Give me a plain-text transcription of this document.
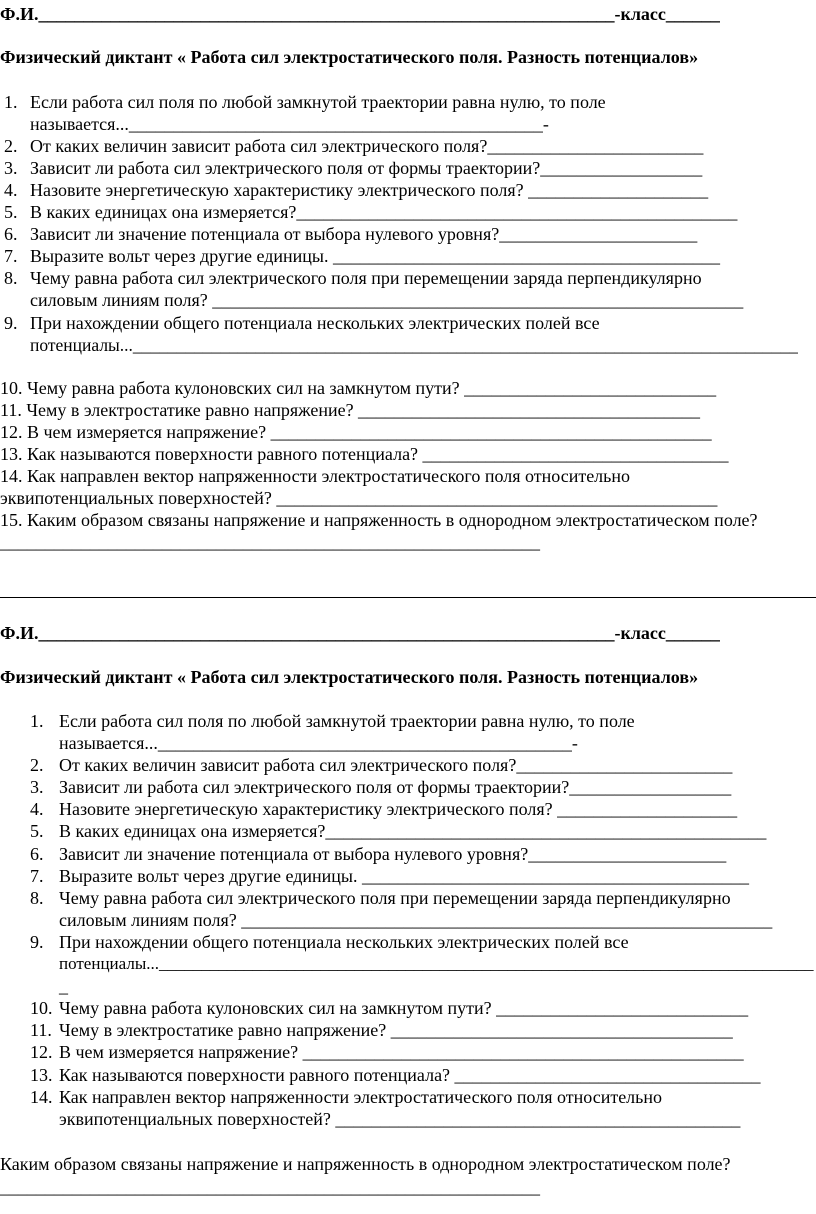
Ф.И.________________________________________________________________-класс______
Физический диктант « Работа сил электростатического поля. Разность потенциалов»
1. Если работа сил поля по любой замкнутой траектории равна нулю, то поле
называется...______________________________________________-
2. От каких величин зависит работа сил электрического поля?________________________
3. Зависит ли работа сил электрического поля от формы траектории?__________________
4. Назовите энергетическую характеристику электрического поля? ____________________
5. В каких единицах она измеряется?_________________________________________________
6. Зависит ли значение потенциала от выбора нулевого уровня?______________________
7. Выразите вольт через другие единицы. ___________________________________________
8. Чему равна работа сил электрического поля при перемещении заряда перпендикулярно
силовым линиям поля? ___________________________________________________________
9. При нахождении общего потенциала нескольких электрических полей все
потенциалы...____________________________________________________________________________
10. Чему равна работа кулоновских сил на замкнутом пути? ____________________________
11. Чему в электростатике равно напряжение? ______________________________________
12. В чем измеряется напряжение? _________________________________________________
13. Как называются поверхности равного потенциала? __________________________________
14. Как направлен вектор напряженности электростатического поля относительно
эквипотенциальных поверхностей? _________________________________________________
15. Каким образом связаны напряжение и напряженность в однородном электростатическом поле?
____________________________________________________________
Ф.И.________________________________________________________________-класс______
Физический диктант « Работа сил электростатического поля. Разность потенциалов»
1. Если работа сил поля по любой замкнутой траектории равна нулю, то поле
называется...______________________________________________-
2. От каких величин зависит работа сил электрического поля?________________________
3. Зависит ли работа сил электрического поля от формы траектории?__________________
4. Назовите энергетическую характеристику электрического поля? ____________________
5. В каких единицах она измеряется?_________________________________________________
6. Зависит ли значение потенциала от выбора нулевого уровня?______________________
7. Выразите вольт через другие единицы. ___________________________________________
8. Чему равна работа сил электрического поля при перемещении заряда перпендикулярно
силовым линиям поля? ___________________________________________________________
9. При нахождении общего потенциала нескольких электрических полей все
потенциалы..._____________________________________________________________________________
_
10. Чему равна работа кулоновских сил на замкнутом пути? ____________________________
11. Чему в электростатике равно напряжение? ______________________________________
12. В чем измеряется напряжение? _________________________________________________
13. Как называются поверхности равного потенциала? __________________________________
14. Как направлен вектор напряженности электростатического поля относительно
эквипотенциальных поверхностей? _____________________________________________
Каким образом связаны напряжение и напряженность в однородном электростатическом поле?
____________________________________________________________
